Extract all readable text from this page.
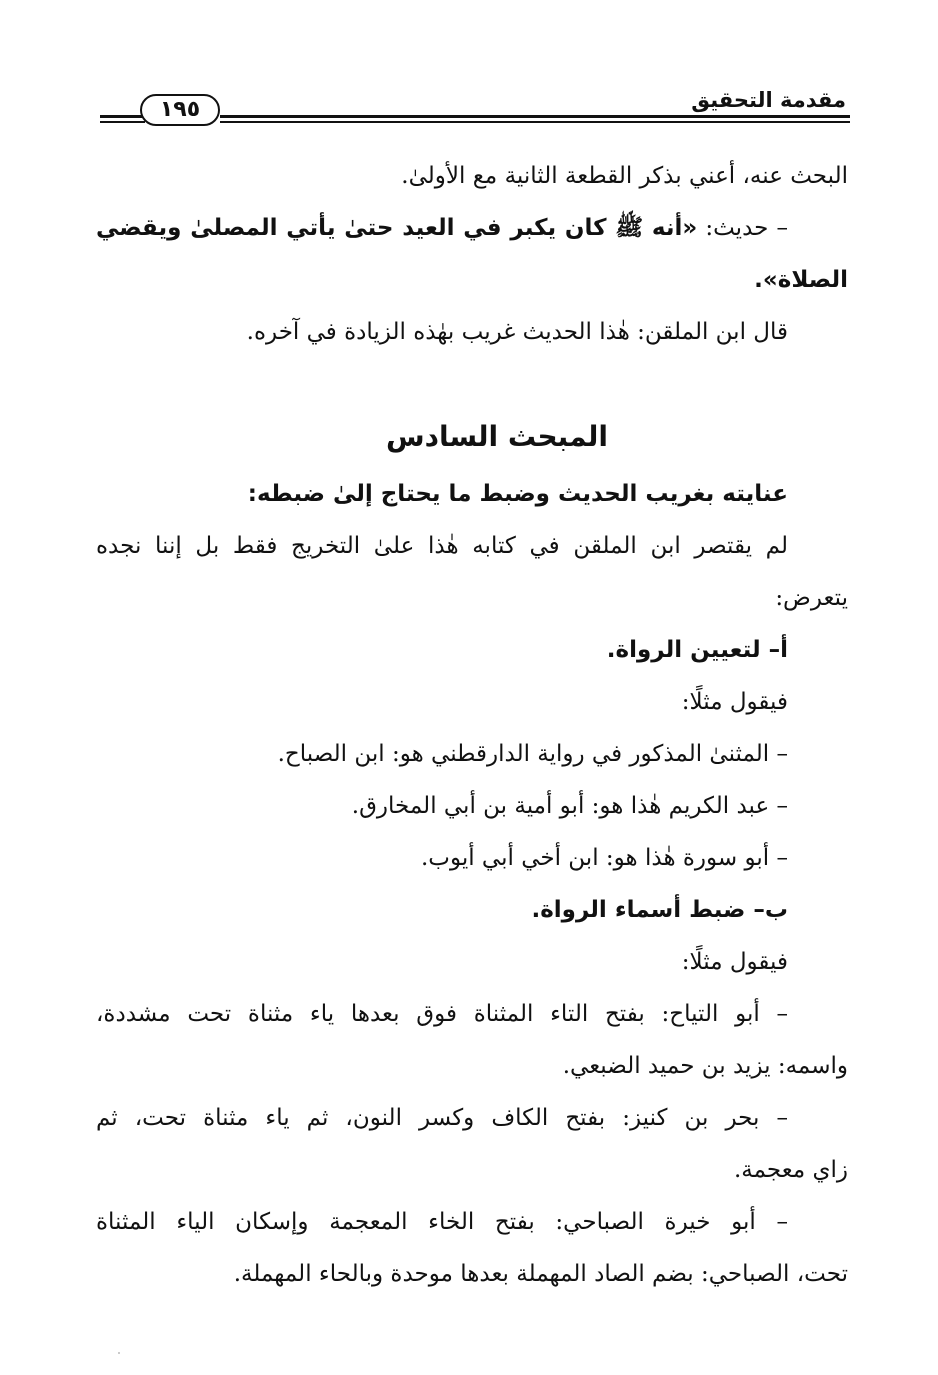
١٩٥	مقدمة التحقيق
البحث عنه، أعني بذكر القطعة الثانية مع الأولىٰ.
– حديث: «أنه ﷺ كان يكبر في العيد حتىٰ يأتي المصلىٰ ويقضي
الصلاة».
قال ابن الملقن: هٰذا الحديث غريب بهٰذه الزيادة في آخره.
المبحث السادس
عنايته بغريب الحديث وضبط ما يحتاج إلىٰ ضبطه:
لم يقتصر ابن الملقن في كتابه هٰذا علىٰ التخريج فقط بل إننا نجده
يتعرض:
أ– لتعيين الرواة.
فيقول مثلًا:
– المثنىٰ المذكور في رواية الدارقطني هو: ابن الصباح.
– عبد الكريم هٰذا هو: أبو أمية بن أبي المخارق.
– أبو سورة هٰذا هو: ابن أخي أبي أيوب.
ب– ضبط أسماء الرواة.
فيقول مثلًا:
– أبو التياح: بفتح التاء المثناة فوق بعدها ياء مثناة تحت مشددة،
واسمه: يزيد بن حميد الضبعي.
– بحر بن كنيز: بفتح الكاف وكسر النون، ثم ياء مثناة تحت، ثم
زاي معجمة.
– أبو خيرة الصباحي: بفتح الخاء المعجمة وإسكان الياء المثناة
تحت، الصباحي: بضم الصاد المهملة بعدها موحدة وبالحاء المهملة.
